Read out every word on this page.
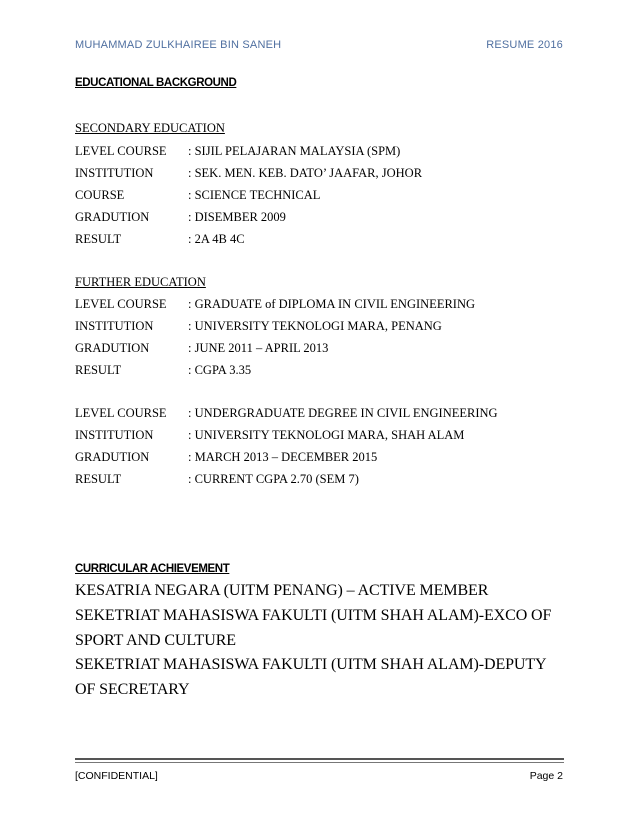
MUHAMMAD ZULKHAIREE BIN SANEH	RESUME 2016
EDUCATIONAL BACKGROUND
SECONDARY EDUCATION
LEVEL COURSE : SIJIL PELAJARAN MALAYSIA (SPM)
INSTITUTION	: SEK. MEN. KEB. DATO’ JAAFAR, JOHOR
COURSE	: SCIENCE TECHNICAL
GRADUTION	: DISEMBER 2009
RESULT	: 2A 4B 4C
FURTHER EDUCATION
LEVEL COURSE : GRADUATE of DIPLOMA IN CIVIL ENGINEERING
INSTITUTION	: UNIVERSITY TEKNOLOGI MARA, PENANG
GRADUTION	: JUNE 2011 – APRIL 2013
RESULT	: CGPA 3.35
LEVEL COURSE : UNDERGRADUATE DEGREE IN CIVIL ENGINEERING
INSTITUTION	: UNIVERSITY TEKNOLOGI MARA, SHAH ALAM
GRADUTION	: MARCH 2013 – DECEMBER 2015
RESULT	: CURRENT CGPA 2.70 (SEM 7)
CURRICULAR ACHIEVEMENT
KESATRIA NEGARA (UITM PENANG) – ACTIVE MEMBER
SEKETRIAT MAHASISWA FAKULTI (UITM SHAH ALAM)-EXCO OF
SPORT AND CULTURE
SEKETRIAT MAHASISWA FAKULTI (UITM SHAH ALAM)-DEPUTY
OF SECRETARY
[CONFIDENTIAL]	Page 2
